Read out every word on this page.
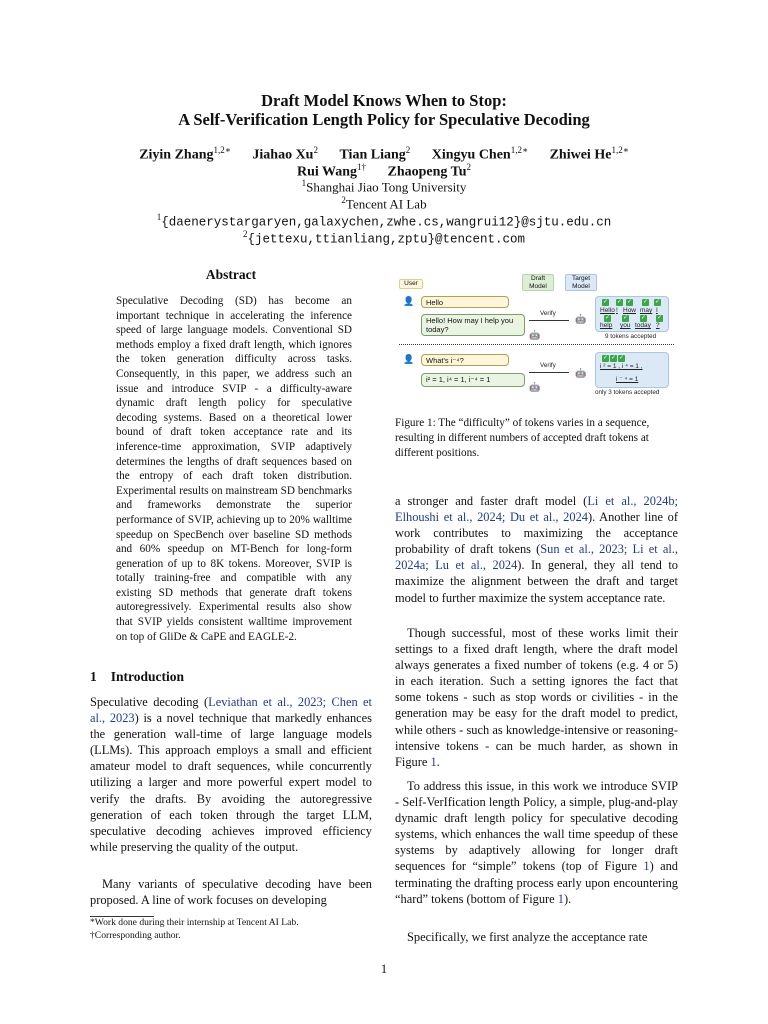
Draft Model Knows When to Stop:
A Self-Verification Length Policy for Speculative Decoding
Ziyin Zhang$^{1,2∗}$ Jiahao Xu$^2$ Tian Liang$^2$ Xingyu Chen$^{1,2∗}$ Zhiwei $He^{1,2∗}$
Rui Wang$^{1\dagger}$ Zhaopeng Tu$^2$
$^1$Shanghai Jiao Tong University
$^2$Tencent AI Lab
$^1${daenerystargaryen,galaxychen,zwhe.cs,wangrui12}@sjtu.edu.cn
$^2${jettexu,ttianliang,zptu}@tencent.com
Abstract
Speculative Decoding (SD) has become an important technique in accelerating the inference speed of large language models. Conventional SD methods employ a fixed draft length, which ignores the token generation difficulty across tasks. Consequently, in this paper, we address such an issue and introduce SVIP - a difficulty-aware dynamic draft length policy for speculative decoding systems. Based on a theoretical lower bound of draft token acceptance rate and its inference-time approximation, SVIP adaptively determines the lengths of draft sequences based on the entropy of each draft token distribution. Experimental results on mainstream SD benchmarks and frameworks demonstrate the superior performance of SVIP, achieving up to 20% walltime speedup on SpecBench over baseline SD methods and 60% speedup on MT-Bench for long-form generation of up to 8K tokens. Moreover, SVIP is totally training-free and compatible with any existing SD methods that generate draft tokens autoregressively. Experimental results also show that SVIP yields consistent walltime improvement on top of GliDe & CaPE and EAGLE-2.
1 Introduction
Speculative decoding (Leviathan et al., 2023; Chen et al., 2023) is a novel technique that markedly enhances the generation wall-time of large language models (LLMs). This approach employs a small and efficient amateur model to draft sequences, while concurrently utilizing a larger and more powerful expert model to verify the drafts. By avoiding the autoregressive generation of each token through the target LLM, speculative decoding achieves improved efficiency while preserving the quality of the output.
Many variants of speculative decoding have been proposed. A line of work focuses on developing
*Work done during their internship at Tencent AI Lab.
†Corresponding author.
User
Draft Model
Target Model
👤	Hello
Hello! How may I help you today?
Verify
🤖
🤖
✓ ✓ ✓ ✓ ✓
Hello ! How may I
✓ ✓ ✓ ✓
help you today ?
9 tokens accepted
👤	What's i⁻⁴?
i² = 1, i⁴ = 1, i⁻⁴ = 1
Verify
🤖
🤖
✓ ✓ ✓
i ² = 1 , i ⁴ = 1 ,
i ⁻ ⁴ = 1
only 3 tokens accepted
Figure 1: The “difficulty” of tokens varies in a sequence, resulting in different numbers of accepted draft tokens at different positions.
a stronger and faster draft model (Li et al., 2024b; Elhoushi et al., 2024; Du et al., 2024). Another line of work contributes to maximizing the acceptance probability of draft tokens (Sun et al., 2023; Li et al., 2024a; Lu et al., 2024). In general, they all tend to maximize the alignment between the draft and target model to further maximize the system acceptance rate.
Though successful, most of these works limit their settings to a fixed draft length, where the draft model always generates a fixed number of tokens (e.g. 4 or 5) in each iteration. Such a setting ignores the fact that some tokens - such as stop words or civilities - in the generation may be easy for the draft model to predict, while others - such as knowledge-intensive or reasoning-intensive tokens - can be much harder, as shown in Figure 1.
To address this issue, in this work we introduce SVIP - Self-VerIfication length Policy, a simple, plug-and-play dynamic draft length policy for speculative decoding systems, which enhances the wall time speedup of these systems by adaptively allowing for longer draft sequences for “simple” tokens (top of Figure 1) and terminating the drafting process early upon encountering “hard” tokens (bottom of Figure 1).
Specifically, we first analyze the acceptance rate
1
